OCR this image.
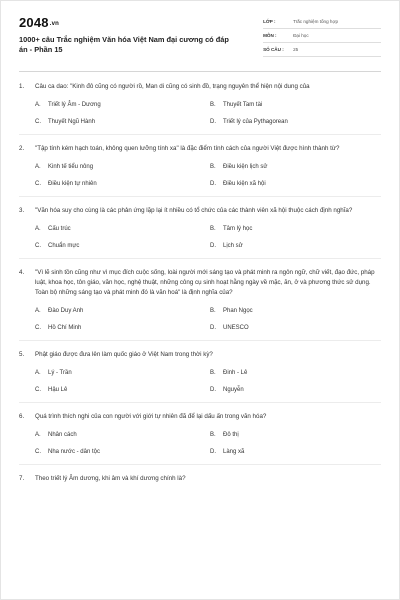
2048.vn
1000+ câu Trắc nghiệm Văn hóa Việt Nam đại cương có đáp án - Phần 15
LỚP :	Trắc nghiệm tổng hợp
MÔN :	Đại học
SỐ CÂU :	25
1.	Câu ca dao: "Kinh đô cũng có người rồ, Man di cũng có sinh đồ, trạng nguyên thể hiện nội dung của
A.	Triết lý Âm - Dương	B.	Thuyết Tam tài
C.	Thuyết Ngũ Hành	D.	Triết lý của Pythagorean
2.	"Tập tính kém hạch toán, không quen lưỡng tính xa" là đặc điểm tính cách của người Việt được hình thành từ?
A.	Kinh tế tiểu nông	B.	Điều kiện lịch sử
C.	Điều kiện tự nhiên	D.	Điều kiện xã hội
3.	"Văn hóa suy cho cùng là các phản ứng lặp lại ít nhiều có tổ chức của các thành viên xã hội thuộc cách định nghĩa?
A.	Cấu trúc	B.	Tâm lý học
C.	Chuẩn mực	D.	Lịch sử
4.	"Vì lẽ sinh tồn cũng như vì mục đích cuộc sống, loài người mới sáng tạo và phát minh ra ngôn ngữ, chữ viết, đạo đức, pháp luật, khoa học, tôn giáo, văn học, nghệ thuật, những công cụ sinh hoạt hằng ngày về mặc, ăn, ở và phương thức sử dụng. Toàn bộ những sáng tạo và phát minh đó là văn hoá" là định nghĩa của?
A.	Đào Duy Anh	B.	Phan Ngọc
C.	Hồ Chí Minh	D.	UNESCO
5.	Phật giáo được đưa lên làm quốc giáo ở Việt Nam trong thời kỳ?
A.	Lý - Trần	B.	Đinh - Lê
C.	Hậu Lê	D.	Nguyễn
6.	Quá trình thích nghi của con người với giới tự nhiên đã để lại dấu ấn trong văn hóa?
A.	Nhân cách	B.	Đô thị
C.	Nha nước - dân tộc	D.	Làng xã
7.	Theo triết lý Âm dương, khi âm và khí dương chính là?
